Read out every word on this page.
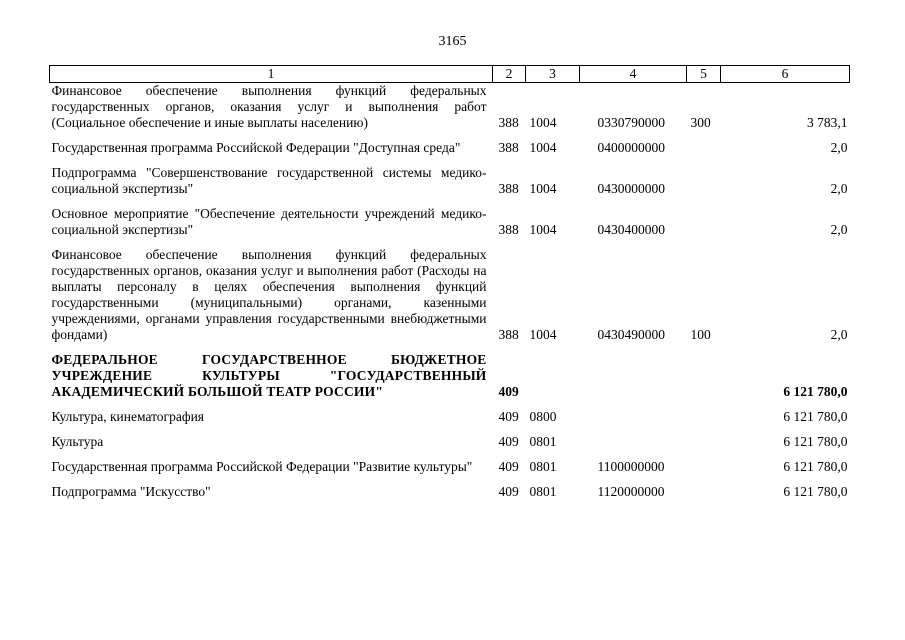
3165
1	2	3	4	5	6
Финансовое обеспечение выполнения функций федеральных государственных органов, оказания услуг и выполнения работ (Социальное обеспечение и иные выплаты населению)	388	1004	0330790000	300	3 783,1
Государственная программа Российской Федерации "Доступная среда"	388	1004	0400000000		2,0
Подпрограмма "Совершенствование государственной системы медико-социальной экспертизы"	388	1004	0430000000		2,0
Основное мероприятие "Обеспечение деятельности учреждений медико-социальной экспертизы"	388	1004	0430400000		2,0
Финансовое обеспечение выполнения функций федеральных государственных органов, оказания услуг и выполнения работ (Расходы на выплаты персоналу в целях обеспечения выполнения функций государственными (муниципальными) органами, казенными учреждениями, органами управления государственными внебюджетными фондами)	388	1004	0430490000	100	2,0
ФЕДЕРАЛЬНОЕ ГОСУДАРСТВЕННОЕ БЮДЖЕТНОЕ УЧРЕЖДЕНИЕ КУЛЬТУРЫ "ГОСУДАРСТВЕННЫЙ АКАДЕМИЧЕСКИЙ БОЛЬШОЙ ТЕАТР РОССИИ"	409				6 121 780,0
Культура, кинематография	409	0800			6 121 780,0
Культура	409	0801			6 121 780,0
Государственная программа Российской Федерации "Развитие культуры"	409	0801	1100000000		6 121 780,0
Подпрограмма "Искусство"	409	0801	1120000000		6 121 780,0
